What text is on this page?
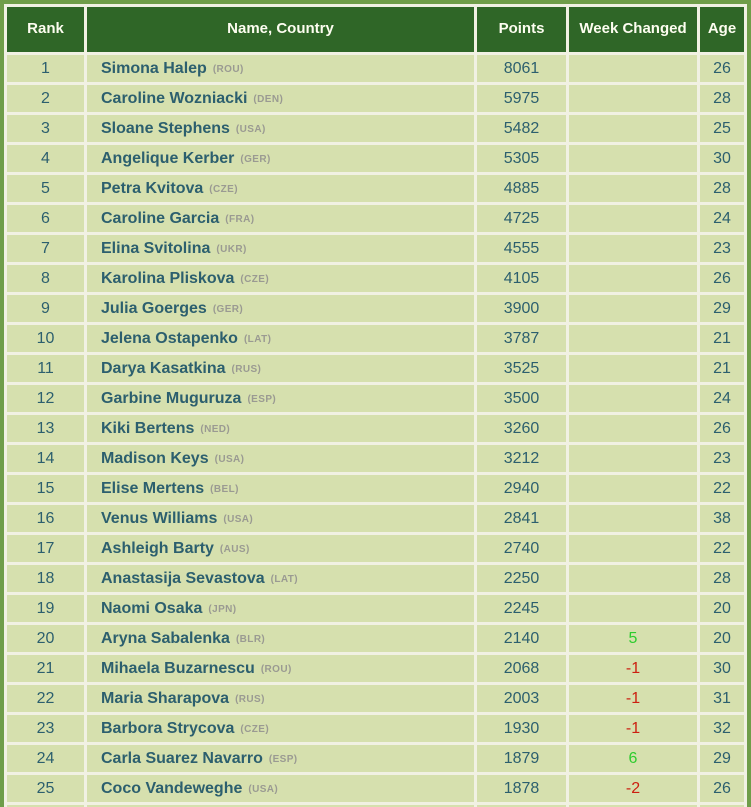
Rank	Name, Country	Points	Week Changed	Age
1	Simona Halep (ROU)	8061		26
2	Caroline Wozniacki (DEN)	5975		28
3	Sloane Stephens (USA)	5482		25
4	Angelique Kerber (GER)	5305		30
5	Petra Kvitova (CZE)	4885		28
6	Caroline Garcia (FRA)	4725		24
7	Elina Svitolina (UKR)	4555		23
8	Karolina Pliskova (CZE)	4105		26
9	Julia Goerges (GER)	3900		29
10	Jelena Ostapenko (LAT)	3787		21
11	Darya Kasatkina (RUS)	3525		21
12	Garbine Muguruza (ESP)	3500		24
13	Kiki Bertens (NED)	3260		26
14	Madison Keys (USA)	3212		23
15	Elise Mertens (BEL)	2940		22
16	Venus Williams (USA)	2841		38
17	Ashleigh Barty (AUS)	2740		22
18	Anastasija Sevastova (LAT)	2250		28
19	Naomi Osaka (JPN)	2245		20
20	Aryna Sabalenka (BLR)	2140	5	20
21	Mihaela Buzarnescu (ROU)	2068	-1	30
22	Maria Sharapova (RUS)	2003	-1	31
23	Barbora Strycova (CZE)	1930	-1	32
24	Carla Suarez Navarro (ESP)	1879	6	29
25	Coco Vandeweghe (USA)	1878	-2	26
